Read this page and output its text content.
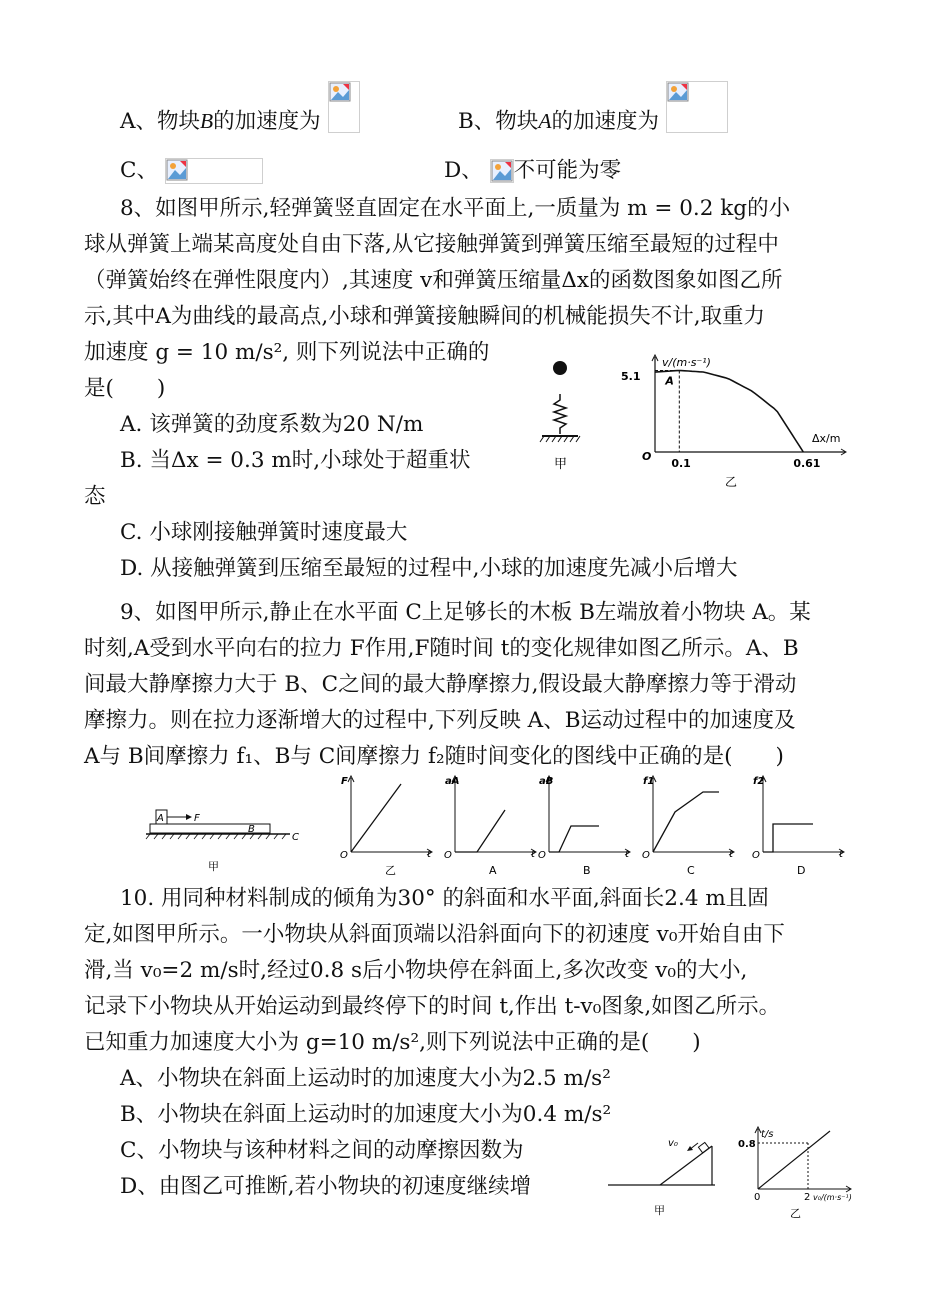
A、物块B的加速度为	B、物块A的加速度为
C、	D、 不可能为零
8、如图甲所示,轻弹簧竖直固定在水平面上,一质量为 m = 0.2 kg的小
球从弹簧上端某高度处自由下落,从它接触弹簧到弹簧压缩至最短的过程中
（弹簧始终在弹性限度内）,其速度 v和弹簧压缩量Δx的函数图象如图乙所
示,其中A为曲线的最高点,小球和弹簧接触瞬间的机械能损失不计,取重力
加速度 g = 10 m/s², 则下列说法中正确的
是(　　)
A. 该弹簧的劲度系数为20 N/m
B. 当Δx = 0.3 m时,小球处于超重状
态
C. 小球刚接触弹簧时速度最大
D. 从接触弹簧到压缩至最短的过程中,小球的加速度先减小后增大
甲
v/(m·s⁻¹)
Δx/m
5.1
O
0.1	0.61
A
乙
9、如图甲所示,静止在水平面 C上足够长的木板 B左端放着小物块 A。某
时刻,A受到水平向右的拉力 F作用,F随时间 t的变化规律如图乙所示。A、B
间最大静摩擦力大于 B、C之间的最大静摩擦力,假设最大静摩擦力等于滑动
摩擦力。则在拉力逐渐增大的过程中,下列反映 A、B运动过程中的加速度及
A与 B间摩擦力 f₁、B与 C间摩擦力 f₂随时间变化的图线中正确的是(　　)
A
B
F
C
甲
F
O	t
乙
aA
O	t
A
aB
O	t
B
f1
O	t
C
f2
O	t
D
10. 用同种材料制成的倾角为30° 的斜面和水平面,斜面长2.4 m且固
定,如图甲所示。一小物块从斜面顶端以沿斜面向下的初速度 v₀开始自由下
滑,当 v₀=2 m/s时,经过0.8 s后小物块停在斜面上,多次改变 v₀的大小,
记录下小物块从开始运动到最终停下的时间 t,作出 t-v₀图象,如图乙所示。
已知重力加速度大小为 g=10 m/s²,则下列说法中正确的是(　　)
A、小物块在斜面上运动时的加速度大小为2.5 m/s²
B、小物块在斜面上运动时的加速度大小为0.4 m/s²
C、小物块与该种材料之间的动摩擦因数为
D、由图乙可推断,若小物块的初速度继续增
v₀
甲
t/s
0.8
0	2 v₀/(m·s⁻¹)
乙
